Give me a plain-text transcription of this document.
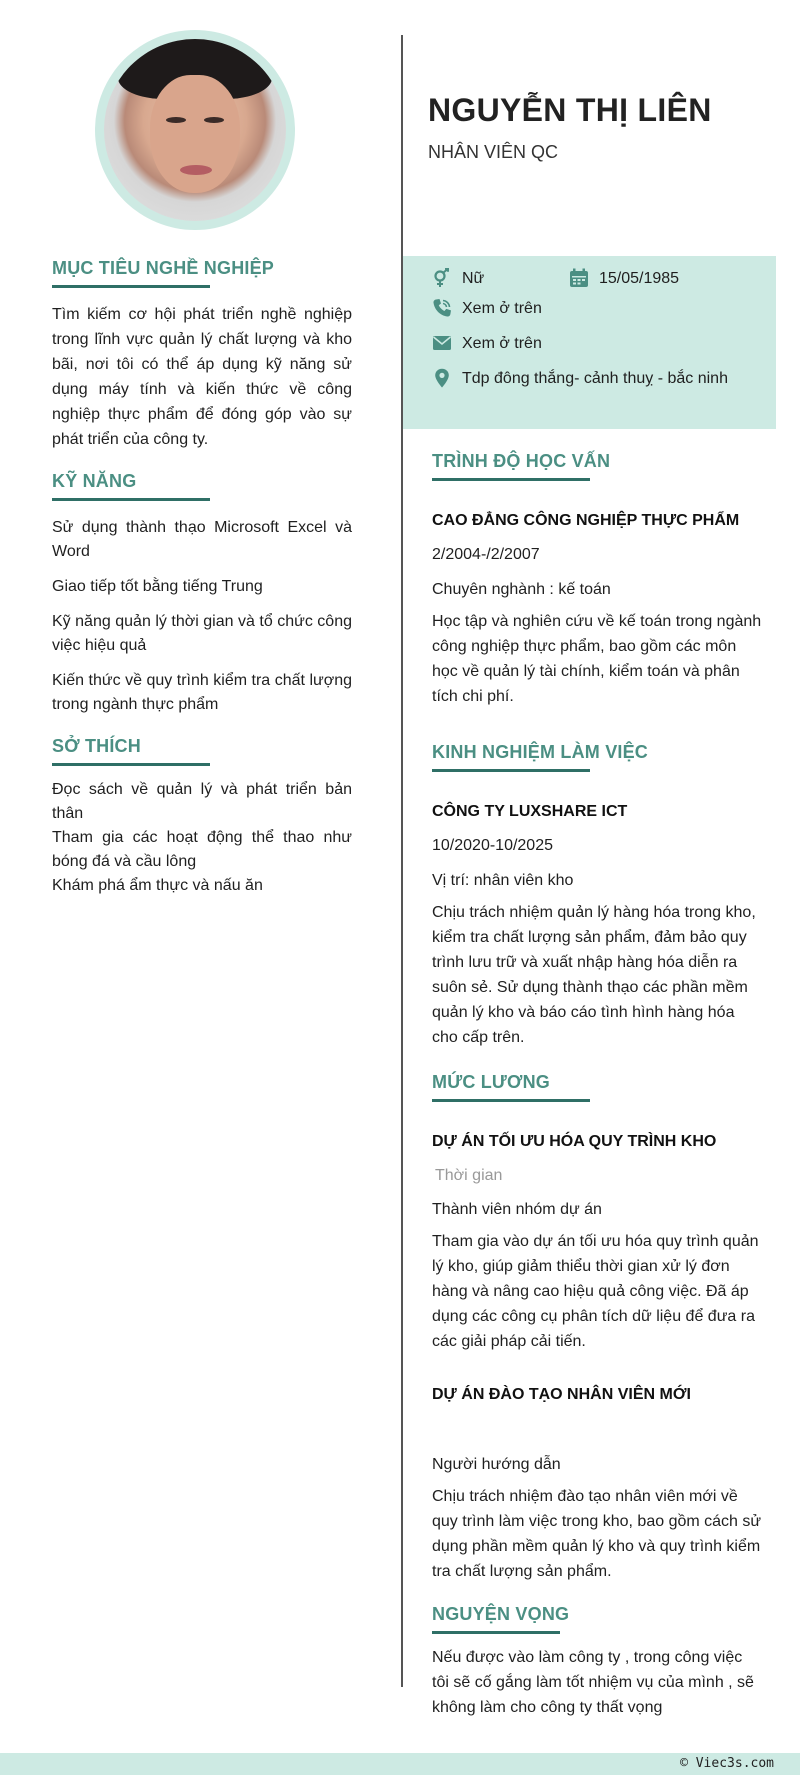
MỤC TIÊU NGHỀ NGHIỆP

Tìm kiếm cơ hội phát triển nghề nghiệp trong lĩnh vực quản lý chất lượng và kho bãi, nơi tôi có thể áp dụng kỹ năng sử dụng máy tính và kiến thức về công nghiệp thực phẩm để đóng góp vào sự phát triển của công ty.

KỸ NĂNG

Sử dụng thành thạo Microsoft Excel và Word

Giao tiếp tốt bằng tiếng Trung

Kỹ năng quản lý thời gian và tổ chức công việc hiệu quả

Kiến thức về quy trình kiểm tra chất lượng trong ngành thực phẩm

SỞ THÍCH

Đọc sách về quản lý và phát triển bản thân

Tham gia các hoạt động thể thao như bóng đá và cầu lông

Khám phá ẩm thực và nấu ăn

NGUYỄN THỊ LIÊN

NHÂN VIÊN QC

Nữ	15/05/1985
Xem ở trên
Xem ở trên
Tdp đông thắng- cảnh thuỵ - bắc ninh
TRÌNH ĐỘ HỌC VẤN

CAO ĐẲNG CÔNG NGHIỆP THỰC PHẨM

2/2004-/2/2007

Chuyên nghành : kế toán

Học tập và nghiên cứu về kế toán trong ngành công nghiệp thực phẩm, bao gồm các môn học về quản lý tài chính, kiểm toán và phân tích chi phí.

KINH NGHIỆM LÀM VIỆC

CÔNG TY LUXSHARE ICT

10/2020-10/2025

Vị trí: nhân viên kho

Chịu trách nhiệm quản lý hàng hóa trong kho, kiểm tra chất lượng sản phẩm, đảm bảo quy trình lưu trữ và xuất nhập hàng hóa diễn ra suôn sẻ. Sử dụng thành thạo các phần mềm quản lý kho và báo cáo tình hình hàng hóa cho cấp trên.

MỨC LƯƠNG

DỰ ÁN TỐI ƯU HÓA QUY TRÌNH KHO

Thời gian

Thành viên nhóm dự án

Tham gia vào dự án tối ưu hóa quy trình quản lý kho, giúp giảm thiểu thời gian xử lý đơn hàng và nâng cao hiệu quả công việc. Đã áp dụng các công cụ phân tích dữ liệu để đưa ra các giải pháp cải tiến.

DỰ ÁN ĐÀO TẠO NHÂN VIÊN MỚI

Người hướng dẫn

Chịu trách nhiệm đào tạo nhân viên mới về quy trình làm việc trong kho, bao gồm cách sử dụng phần mềm quản lý kho và quy trình kiểm tra chất lượng sản phẩm.

NGUYỆN VỌNG

Nếu được vào làm công ty , trong công việc tôi sẽ cố gắng làm tốt nhiệm vụ của mình , sẽ không làm cho công ty thất vọng

© Viec3s.com
